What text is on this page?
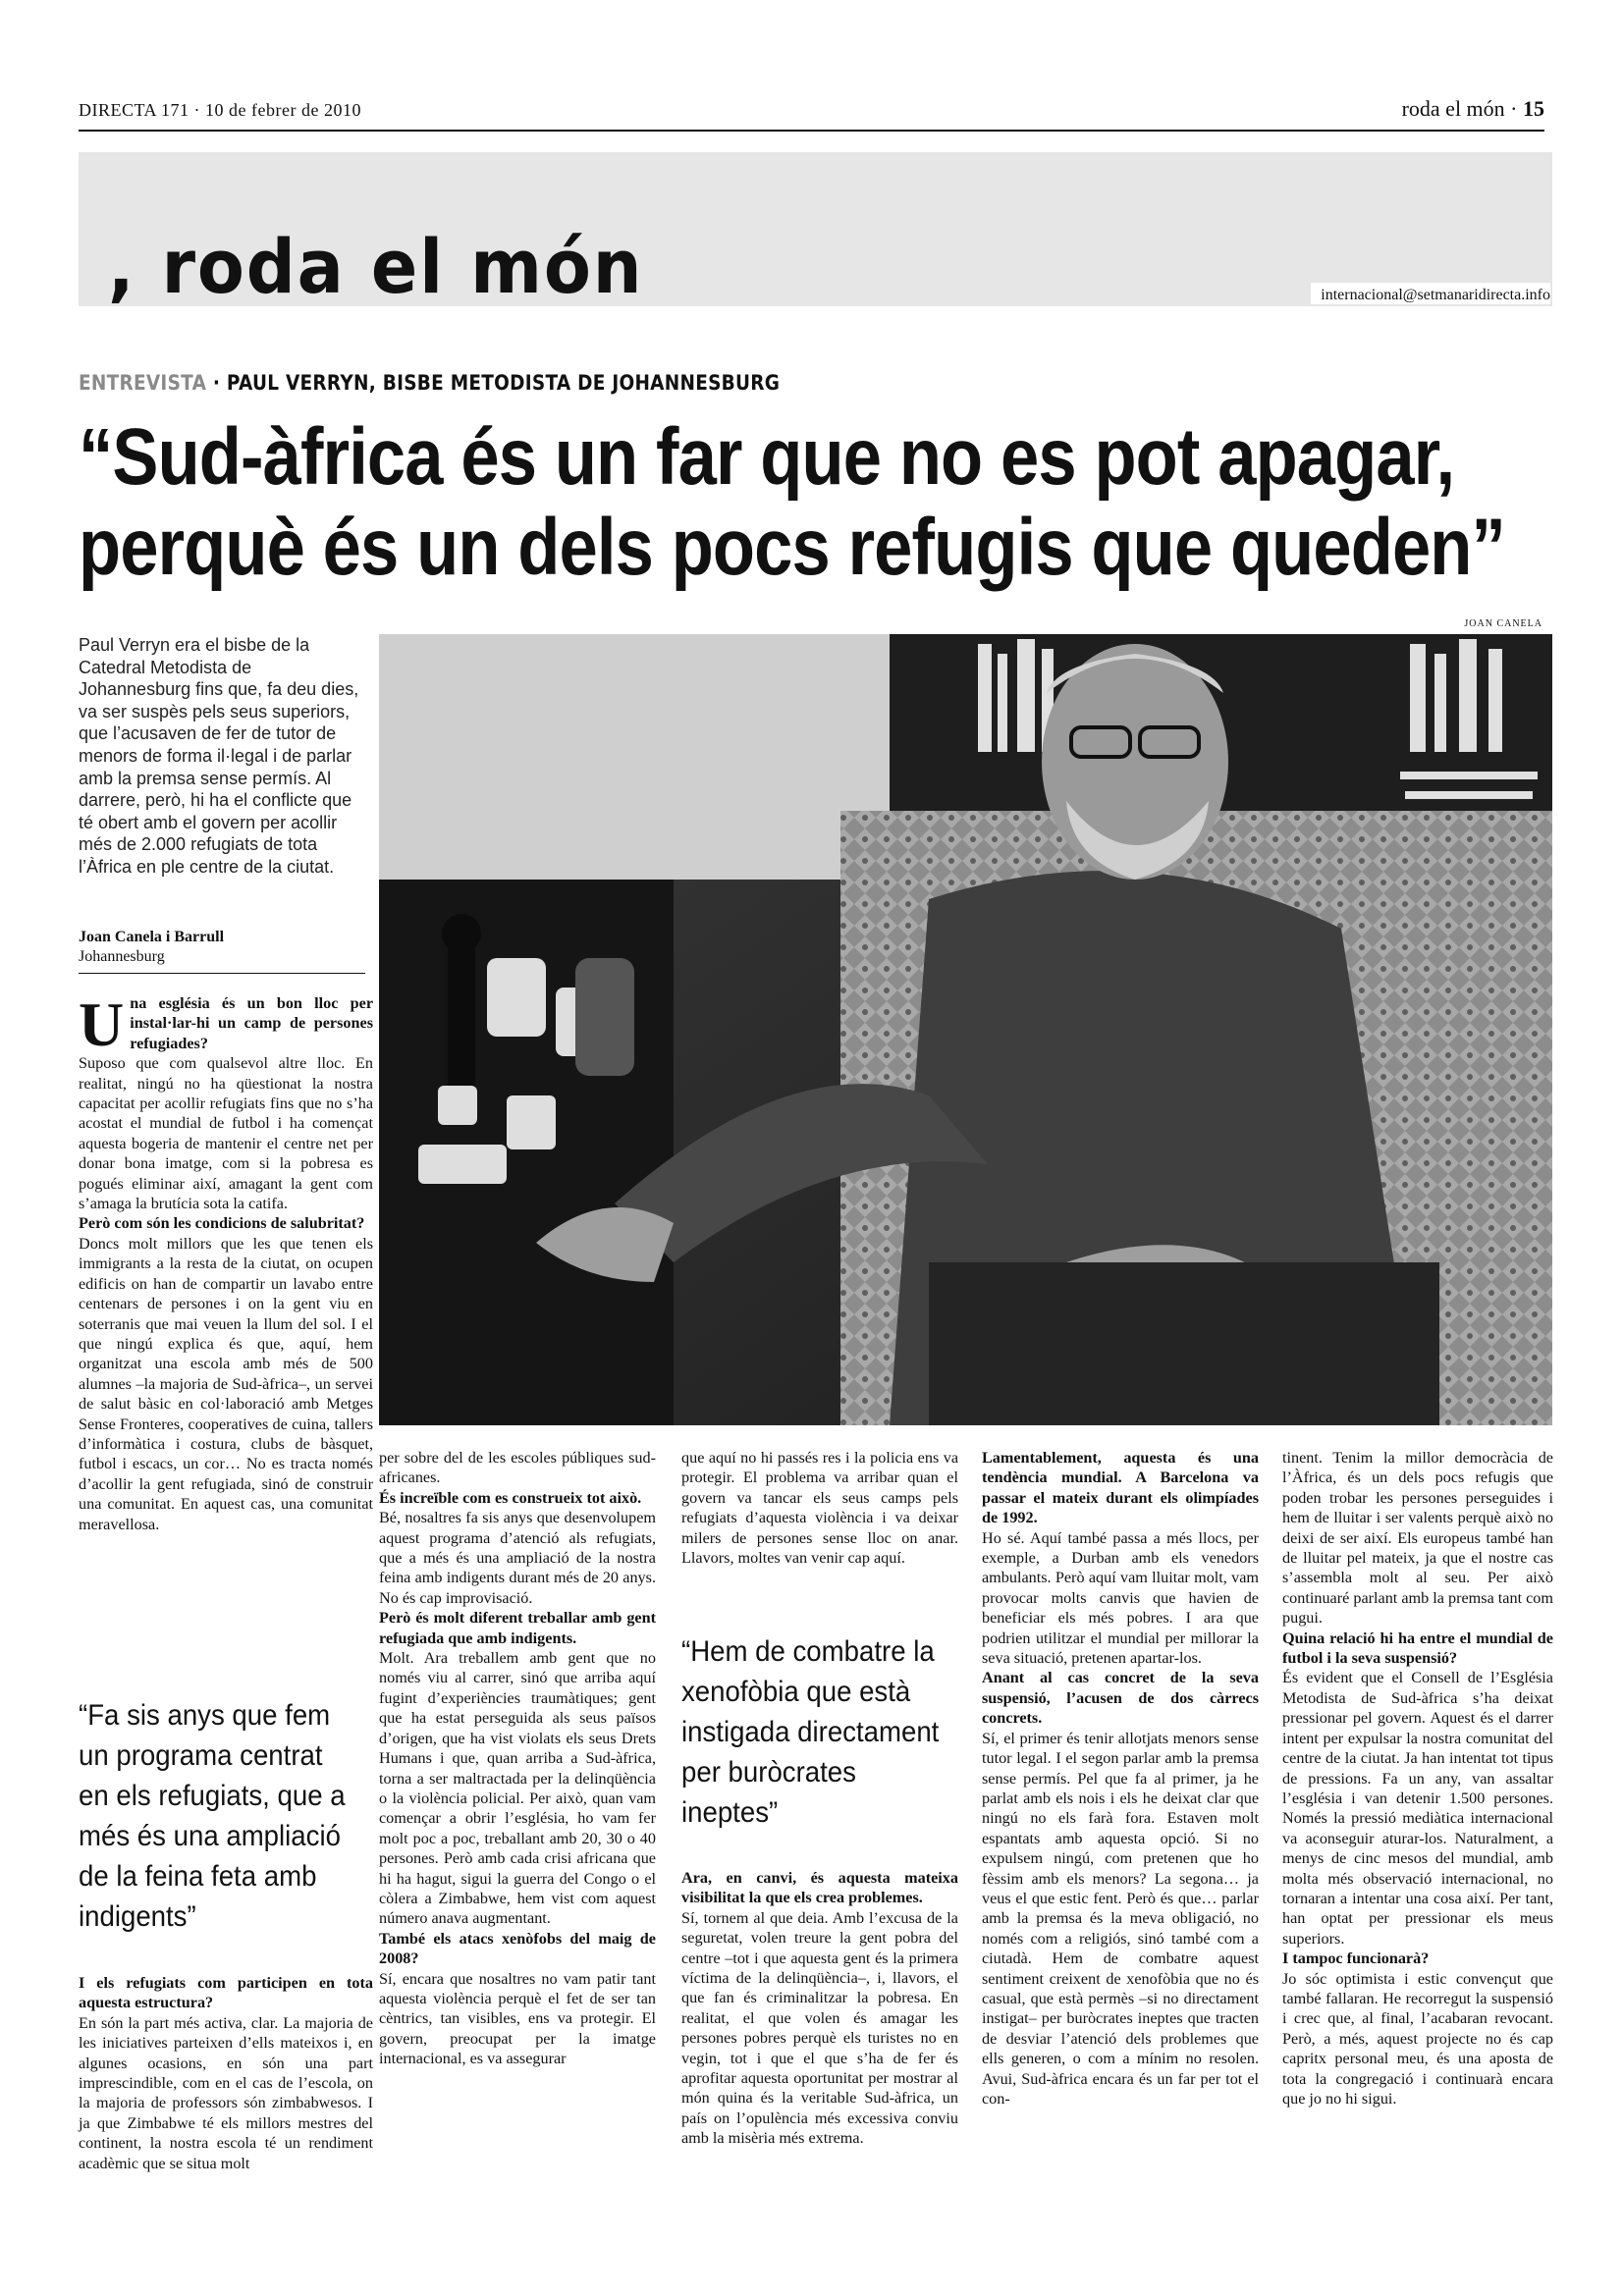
DIRECTA 171 · 10 de febrer de 2010	roda el món · 15
, roda el món	internacional@setmanaridirecta.info
ENTREVISTA · PAUL VERRYN, BISBE METODISTA DE JOHANNESBURG
“Sud-àfrica és un far que no es pot apagar,
perquè és un dels pocs refugis que queden”
JOAN CANELA
Paul Verryn era el bisbe de la Catedral Metodista de Johannesburg fins que, fa deu dies, va ser suspès pels seus superiors, que l’acusaven de fer de tutor de menors de forma il·legal i de parlar amb la premsa sense permís. Al darrere, però, hi ha el conflicte que té obert amb el govern per acollir més de 2.000 refugiats de tota l’Àfrica en ple centre de la ciutat.
Joan Canela i Barrull
Johannesburg

Una església és un bon lloc per instal·lar-hi un camp de persones refugiades?

Suposo que com qualsevol altre lloc. En realitat, ningú no ha qüestionat la nostra capacitat per acollir refugiats fins que no s’ha acostat el mundial de futbol i ha començat aquesta bogeria de mantenir el centre net per donar bona imatge, com si la pobresa es pogués eliminar així, amagant la gent com s’amaga la brutícia sota la catifa.

Però com són les condicions de salubritat?

Doncs molt millors que les que tenen els immigrants a la resta de la ciutat, on ocupen edificis on han de compartir un lavabo entre centenars de persones i on la gent viu en soterranis que mai veuen la llum del sol. I el que ningú explica és que, aquí, hem organitzat una escola amb més de 500 alumnes –la majoria de Sud-àfrica–, un servei de salut bàsic en col·laboració amb Metges Sense Fronteres, cooperatives de cuina, tallers d’informàtica i costura, clubs de bàsquet, futbol i escacs, un cor… No es tracta només d’acollir la gent refugiada, sinó de construir una comunitat. En aquest cas, una comunitat meravellosa.

“Fa sis anys que fem un programa centrat en els refugiats, que a més és una ampliació de la feina feta amb indigents”

I els refugiats com participen en tota aquesta estructura?

En són la part més activa, clar. La majoria de les iniciatives parteixen d’ells mateixos i, en algunes ocasions, en són una part imprescindible, com en el cas de l’escola, on la majoria de professors són zimbabwesos. I ja que Zimbabwe té els millors mestres del continent, la nostra escola té un rendiment acadèmic que se situa molt

per sobre del de les escoles públiques sud-africanes.

És increïble com es construeix tot això.

Bé, nosaltres fa sis anys que desenvolupem aquest programa d’atenció als refugiats, que a més és una ampliació de la nostra feina amb indigents durant més de 20 anys. No és cap improvisació.

Però és molt diferent treballar amb gent refugiada que amb indigents.

Molt. Ara treballem amb gent que no només viu al carrer, sinó que arriba aquí fugint d’experiències traumàtiques; gent que ha estat perseguida als seus països d’origen, que ha vist violats els seus Drets Humans i que, quan arriba a Sud-àfrica, torna a ser maltractada per la delinqüència o la violència policial. Per això, quan vam començar a obrir l’església, ho vam fer molt poc a poc, treballant amb 20, 30 o 40 persones. Però amb cada crisi africana que hi ha hagut, sigui la guerra del Congo o el còlera a Zimbabwe, hem vist com aquest número anava augmentant.

També els atacs xenòfobs del maig de 2008?

Sí, encara que nosaltres no vam patir tant aquesta violència perquè el fet de ser tan cèntrics, tan visibles, ens va protegir. El govern, preocupat per la imatge internacional, es va assegurar

que aquí no hi passés res i la policia ens va protegir. El problema va arribar quan el govern va tancar els seus camps pels refugiats d’aquesta violència i va deixar milers de persones sense lloc on anar. Llavors, moltes van venir cap aquí.

“Hem de combatre la xenofòbia que està instigada directament per buròcrates ineptes”

Ara, en canvi, és aquesta mateixa visibilitat la que els crea problemes.

Sí, tornem al que deia. Amb l’excusa de la seguretat, volen treure la gent pobra del centre –tot i que aquesta gent és la primera víctima de la delinqüència–, i, llavors, el que fan és criminalitzar la pobresa. En realitat, el que volen és amagar les persones pobres perquè els turistes no en vegin, tot i que el que s’ha de fer és aprofitar aquesta oportunitat per mostrar al món quina és la veritable Sud-àfrica, un país on l’opulència més excessiva conviu amb la misèria més extrema.

Lamentablement, aquesta és una tendència mundial. A Barcelona va passar el mateix durant els olimpíades de 1992.

Ho sé. Aquí també passa a més llocs, per exemple, a Durban amb els venedors ambulants. Però aquí vam lluitar molt, vam provocar molts canvis que havien de beneficiar els més pobres. I ara que podrien utilitzar el mundial per millorar la seva situació, pretenen apartar-los.

Anant al cas concret de la seva suspensió, l’acusen de dos càrrecs concrets.

Sí, el primer és tenir allotjats menors sense tutor legal. I el segon parlar amb la premsa sense permís. Pel que fa al primer, ja he parlat amb els nois i els he deixat clar que ningú no els farà fora. Estaven molt espantats amb aquesta opció. Si no expulsem ningú, com pretenen que ho fèssim amb els menors? La segona… ja veus el que estic fent. Però és que… parlar amb la premsa és la meva obligació, no només com a religiós, sinó també com a ciutadà. Hem de combatre aquest sentiment creixent de xenofòbia que no és casual, que està permès –si no directament instigat– per buròcrates ineptes que tracten de desviar l’atenció dels problemes que ells generen, o com a mínim no resolen. Avui, Sud-àfrica encara és un far per tot el con-

tinent. Tenim la millor democràcia de l’Àfrica, és un dels pocs refugis que poden trobar les persones perseguides i hem de lluitar i ser valents perquè això no deixi de ser així. Els europeus també han de lluitar pel mateix, ja que el nostre cas s’assembla molt al seu. Per això continuaré parlant amb la premsa tant com pugui.

Quina relació hi ha entre el mundial de futbol i la seva suspensió?

És evident que el Consell de l’Església Metodista de Sud-àfrica s’ha deixat pressionar pel govern. Aquest és el darrer intent per expulsar la nostra comunitat del centre de la ciutat. Ja han intentat tot tipus de pressions. Fa un any, van assaltar l’església i van detenir 1.500 persones. Només la pressió mediàtica internacional va aconseguir aturar-los. Naturalment, a menys de cinc mesos del mundial, amb molta més observació internacional, no tornaran a intentar una cosa així. Per tant, han optat per pressionar els meus superiors.

I tampoc funcionarà?

Jo sóc optimista i estic convençut que també fallaran. He recorregut la suspensió i crec que, al final, l’acabaran revocant. Però, a més, aquest projecte no és cap capritx personal meu, és una aposta de tota la congregació i continuarà encara que jo no hi sigui.
